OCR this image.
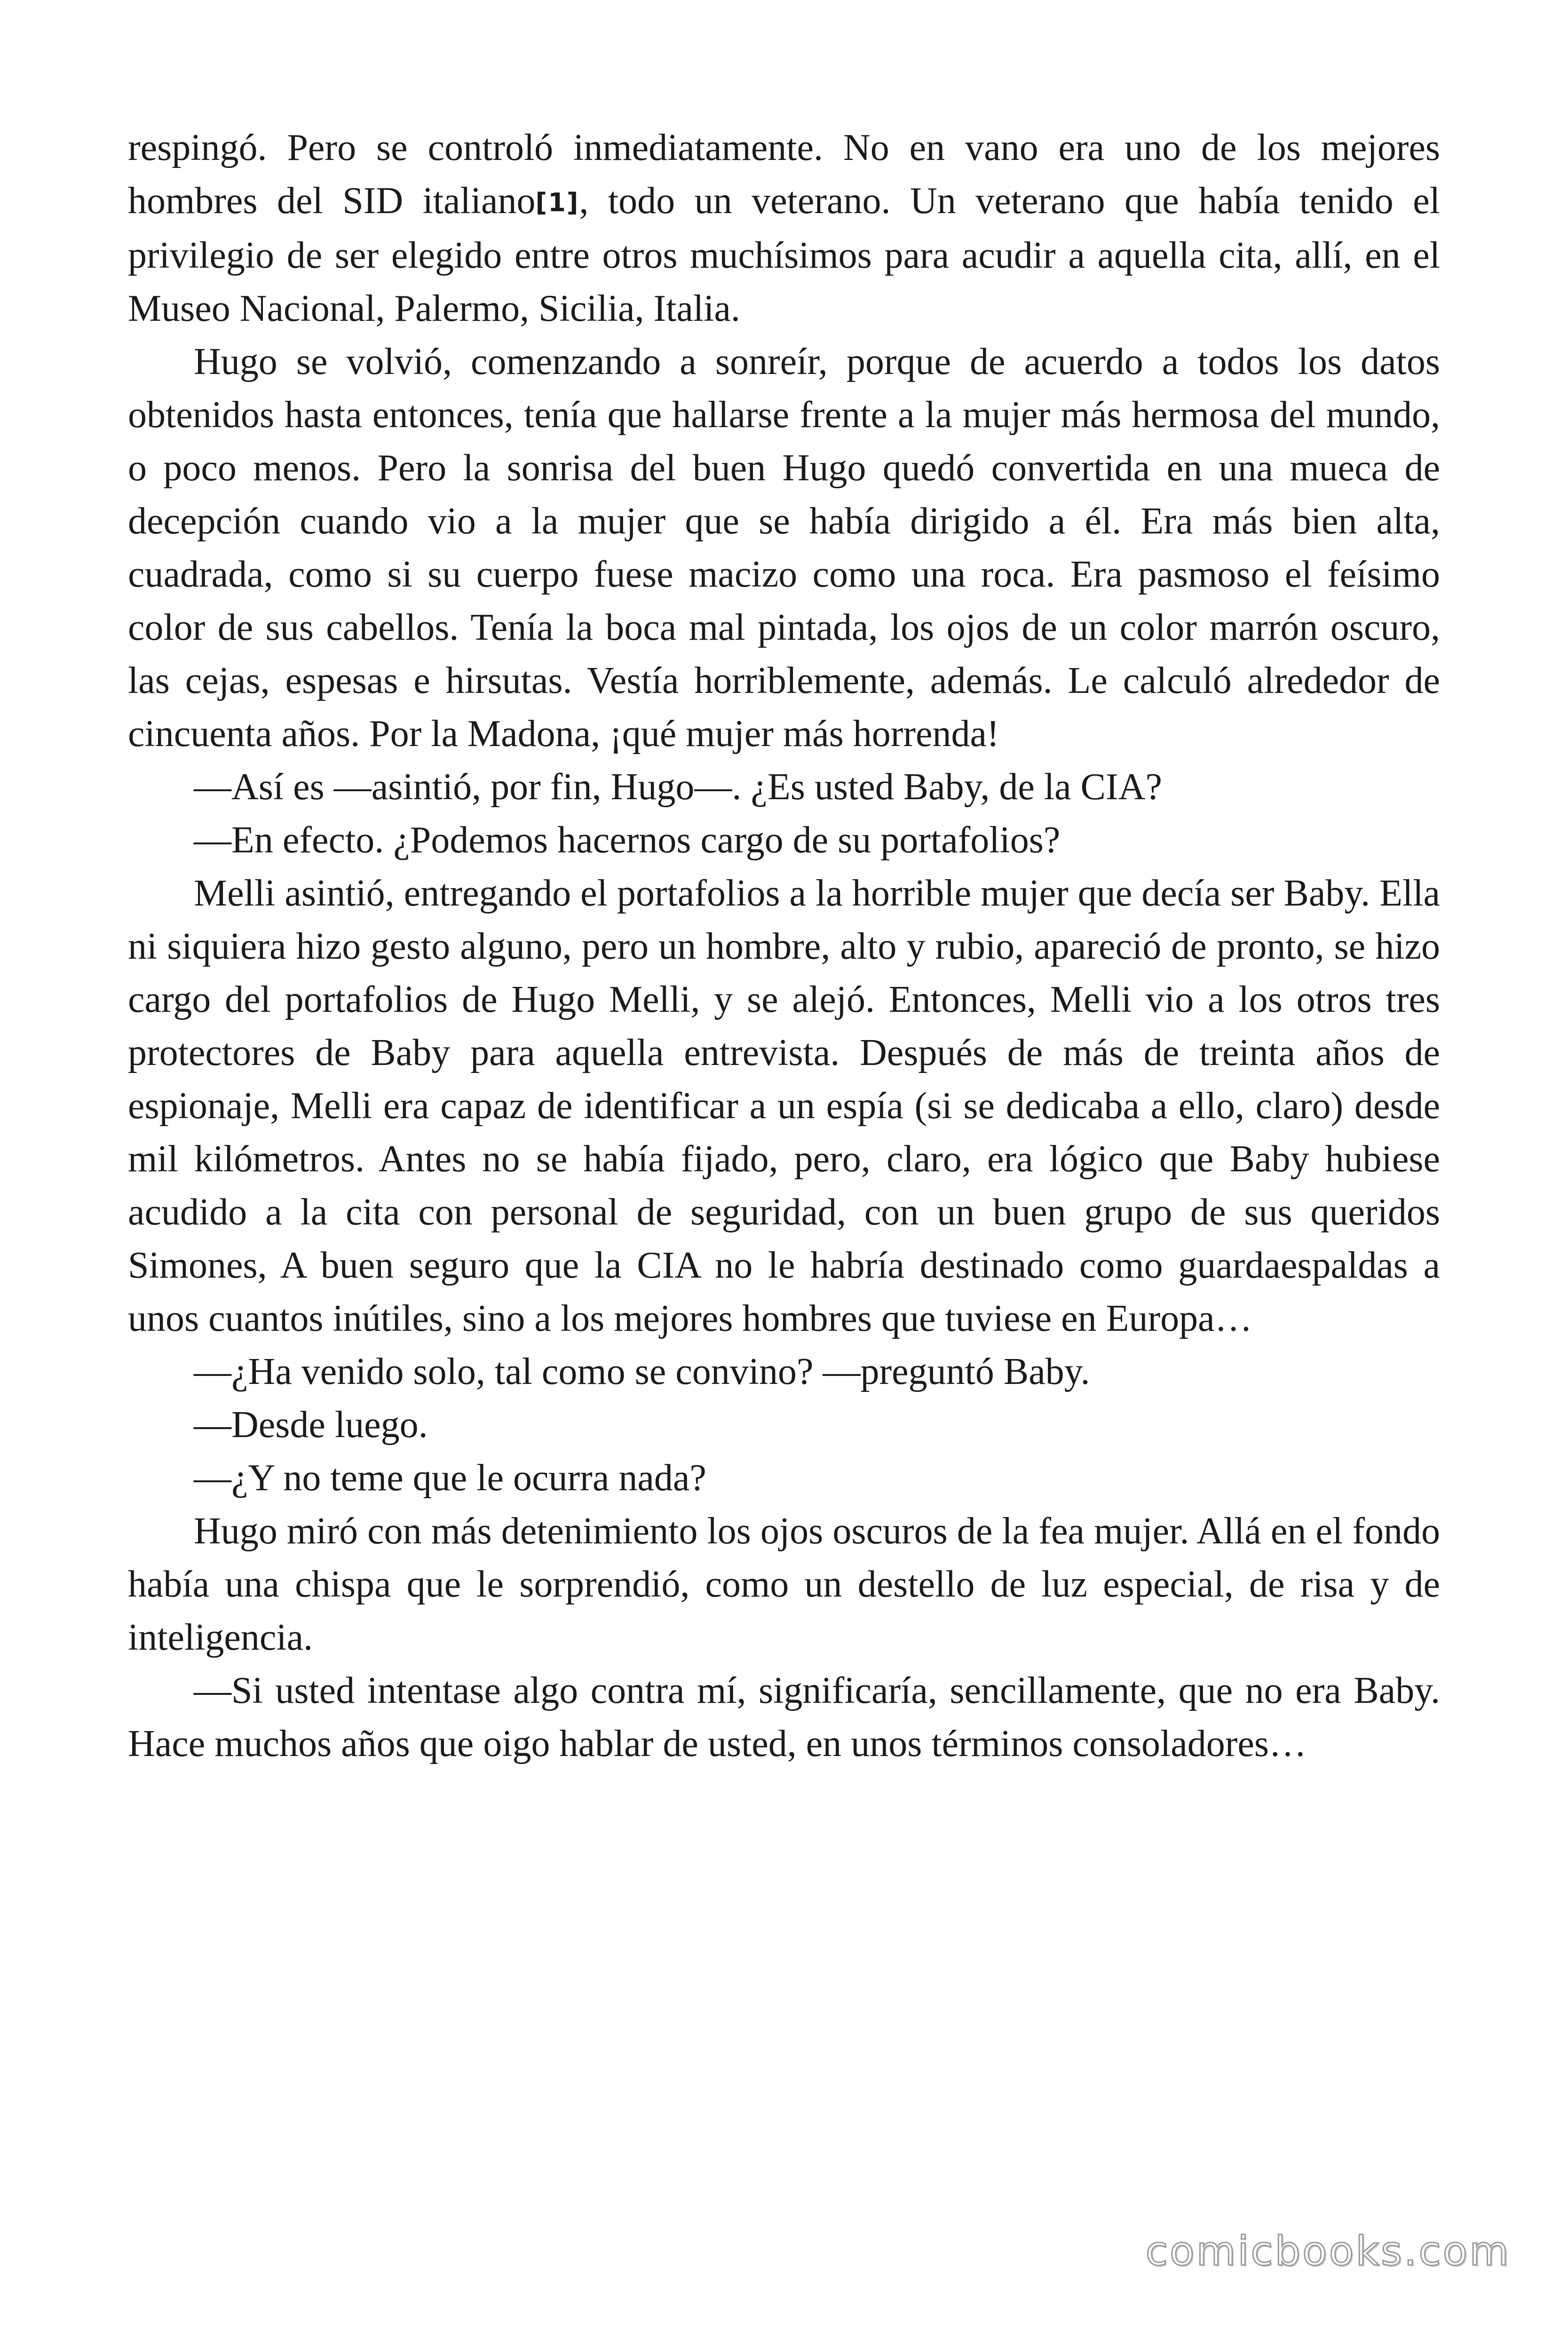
respingó. Pero se controló inmediatamente. No en vano era uno de los mejores hombres del SID italiano[1], todo un veterano. Un veterano que había tenido el privilegio de ser elegido entre otros muchísimos para acudir a aquella cita, allí, en el Museo Nacional, Palermo, Sicilia, Italia.

Hugo se volvió, comenzando a sonreír, porque de acuerdo a todos los datos obtenidos hasta entonces, tenía que hallarse frente a la mujer más hermosa del mundo, o poco menos. Pero la sonrisa del buen Hugo quedó convertida en una mueca de decepción cuando vio a la mujer que se había dirigido a él. Era más bien alta, cuadrada, como si su cuerpo fuese macizo como una roca. Era pasmoso el feísimo color de sus cabellos. Tenía la boca mal pintada, los ojos de un color marrón oscuro, las cejas, espesas e hirsutas. Vestía horriblemente, además. Le calculó alrededor de cincuenta años. Por la Madona, ¡qué mujer más horrenda!

—Así es —asintió, por fin, Hugo—. ¿Es usted Baby, de la CIA?

—En efecto. ¿Podemos hacernos cargo de su portafolios?

Melli asintió, entregando el portafolios a la horrible mujer que decía ser Baby. Ella ni siquiera hizo gesto alguno, pero un hombre, alto y rubio, apareció de pronto, se hizo cargo del portafolios de Hugo Melli, y se alejó. Entonces, Melli vio a los otros tres protectores de Baby para aquella entrevista. Después de más de treinta años de espionaje, Melli era capaz de identificar a un espía (si se dedicaba a ello, claro) desde mil kilómetros. Antes no se había fijado, pero, claro, era lógico que Baby hubiese acudido a la cita con personal de seguridad, con un buen grupo de sus queridos Simones, A buen seguro que la CIA no le habría destinado como guardaespaldas a unos cuantos inútiles, sino a los mejores hombres que tuviese en Europa…

—¿Ha venido solo, tal como se convino? —preguntó Baby.

—Desde luego.

—¿Y no teme que le ocurra nada?

Hugo miró con más detenimiento los ojos oscuros de la fea mujer. Allá en el fondo había una chispa que le sorprendió, como un destello de luz especial, de risa y de inteligencia.

—Si usted intentase algo contra mí, significaría, sencillamente, que no era Baby. Hace muchos años que oigo hablar de usted, en unos términos consoladores…

comicbooks.com
